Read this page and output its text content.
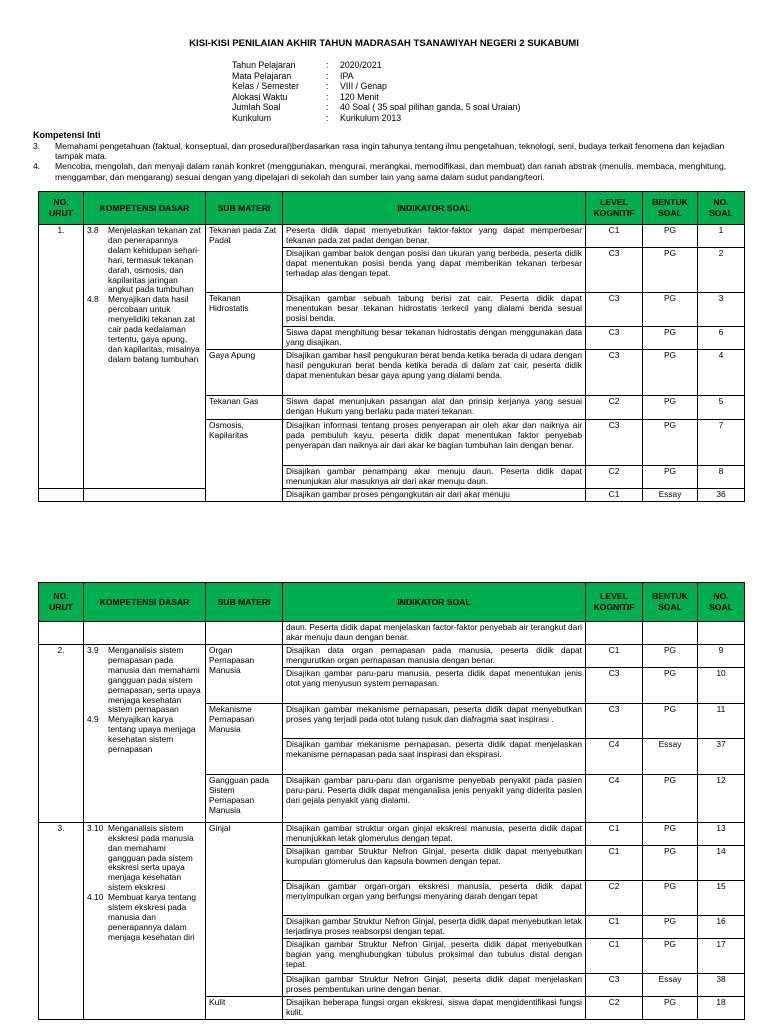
KISI-KISI PENILAIAN AKHIR TAHUN MADRASAH TSANAWIYAH NEGERI 2 SUKABUMI
Tahun Pelajaran	:	2020/2021
Mata Pelajaran	:	IPA
Kelas / Semester	:	VIII / Genap
Alokasi Waktu	:	120 Menit
Jumlah Soal	:	40 Soal ( 35 soal pilihan ganda, 5 soal Uraian)
Kurikulum	:	Kurikulum 2013
Kompetensi Inti
3.	Memahami pengetahuan (faktual, konseptual, dan prosedural)berdasarkan rasa ingin tahunya tentang ilmu pengetahuan, teknologi, seni, budaya terkait fenomena dan kejadian tampak mata.
4.	Mencoba, mengolah, dan menyaji dalam ranah konkret (menggunakan, mengurai, merangkai, memodifikasi, dan membuat) dan ranah abstrak (menulis, membaca, menghitung, menggambar, dan mengarang) sesuai dengan yang dipelajari di sekolah dan sumber lain yang sama dalam sudut pandang/teori.
NO. URUT	KOMPETENSI DASAR	SUB MATERI	INDIKATOR SOAL	LEVEL KOGNITIF	BENTUK SOAL	NO. SOAL
1.	3.8 Menjelaskan tekanan zat dan penerapannya dalam kehidupan sehari-hari, termasuk tekanan darah, osmosis, dan kapilaritas jaringan angkut pada tumbuhan
4.8 Menyajikan data hasil percobaan untuk menyelidiki tekanan zat cair pada kedalaman tertentu, gaya apung, dan kapilaritas, misalnya dalam batang tumbuhan	Tekanan pada Zat Padat	Peserta didik dapat menyebutkan faktor-faktor yang dapat memperbesar tekanan pada zat padat dengan benar.	C1	PG	1
			Disajikan gambar balok dengan posisi dan ukuran yang berbeda, peserta didik dapat menentukan posisi benda yang dapat memberikan tekanan terbesar terhadap alas dengan tepat.	C3	PG	2
		Tekanan Hidrostatis	Disajikan gambar sebuah tabung berisi zat cair. Peserta didik dapat menentukan besar tekanan hidrostatis terkecil yang dialami benda sesuai posisi benda.	C3	PG	3
			Siswa dapat menghitung besar tekanan hidrostatis dengan menggunakan data yang disajikan.	C3	PG	6
		Gaya Apung	Disajikan gambar hasil pengukuran berat benda ketika berada di udara dengan hasil pengukuran berat benda ketika berada di dalam zat cair, peserta didik dapat menentukan besar gaya apung yang dialami benda.	C3	PG	4
		Tekanan Gas	Siswa dapat menunjukan pasangan alat dan prinsip kerjanya yang sesuai dengan Hukum yang berlaku pada materi tekanan.	C2	PG	5
		Osmosis, Kapilaritas	Disajikan informasi tentang proses penyerapan air oleh akar dan naiknya air pada pembuluh kayu, peserta didik dapat menentukan faktor penyebab penyerapan dan naiknya air dari akar ke bagian tumbuhan lain dengan benar.	C3	PG	7
			Disajikan gambar penampang akar menuju daun. Peserta didik dapat menunjukan alur masuknya air dari akar menuju daun.	C2	PG	8
			Disajikan gambar proses pengangkutan air dari akar menuju	C1	Essay	36
NO. URUT	KOMPETENSI DASAR	SUB MATERI	INDIKATOR SOAL	LEVEL KOGNITIF	BENTUK SOAL	NO. SOAL
			daun. Peserta didik dapat menjelaskan factor-faktor penyebab air terangkut dari akar menuju daun dengan benar.			
2.	3.9 Menganalisis sistem pernapasan pada manusia dan memahami gangguan pada sistem pernapasan, serta upaya menjaga kesehatan sistem pernapasan
4.9 Menyajikan karya tentang upaya menjaga kesehatan sistem pernapasan	Organ Pernapasan Manusia	Disajikan data organ pernapasan pada manusia, peserta didik dapat mengurutkan organ pernapasan manusia dengan benar.	C1	PG	9
			Disajikan gambar paru-paru manusia, peserta didik dapat menentukan jenis otot yang menyusun system pernapasan.	C3	PG	10
		Mekanisme Pernapasan Manusia	Disajikan gambar mekanisme pernapasan, peserta didik dapat menyebutkan proses yang terjadi pada otot tulang rusuk dan diafragma saat inspirasi .	C3	PG	11
			Disajikan gambar mekanisme pernapasan, peserta didik dapat menjelaskan mekanisme pernapasan pada saat inspirasi dan ekspirasi.	C4	Essay	37
		Gangguan pada Sistem Pernapasan Manusia	Disajikan gambar paru-paru dan organisme penyebab penyakit pada pasien paru-paru. Peserta didik dapat menganalisa jenis penyakit yang diderita pasien dari gejala penyakit yang dialami.	C4	PG	12
3.	3.10 Menganalisis sistem ekskresi pada manusia dan memahami gangguan pada sistem ekskresi serta upaya menjaga kesehatan sistem ekskresi
4.10 Membuat karya tentang sistem ekskresi pada manusia dan penerapannya dalam menjaga kesehatan diri	Ginjal	Disajikan gambar struktur organ ginjal ekskresi manusia, peserta didik dapat menunjukkan letak glomerulus dengan tepat.	C1	PG	13
			Disajikan gambar Struktur Nefron Ginjal, peserta didik dapat menyebutkan kumpulan glomerulus dan kapsula bowmen dengan tepat.	C1	PG	14
			Disajikan gambar organ-organ ekskresi manusia, peserta didik dapat menyimpulkan organ yang berfungsi menyaring darah dengan tepat	C2	PG	15
			Disajikan gambar Struktur Nefron Ginjal, peserta didik dapat menyebutkan letak terjadinya proses reabsorpsi dengan tepat.	C1	PG	16
			Disajikan gambar Struktur Nefron Ginjal, peserta didik dapat menyebutkan bagian yang menghubungkan tubulus proksimal dan tubulus distal dengan tepat.	C1	PG	17
			Disajikan gambar Struktur Nefron Ginjal, peserta didik dapat menjelaskan proses pembentukan urine dengan benar.	C3	Essay	38
		Kulit	Disajikan beberapa fungsi organ ekskresi, siswa dapat mengidentifikasi fungsi kulit.	C2	PG	18
